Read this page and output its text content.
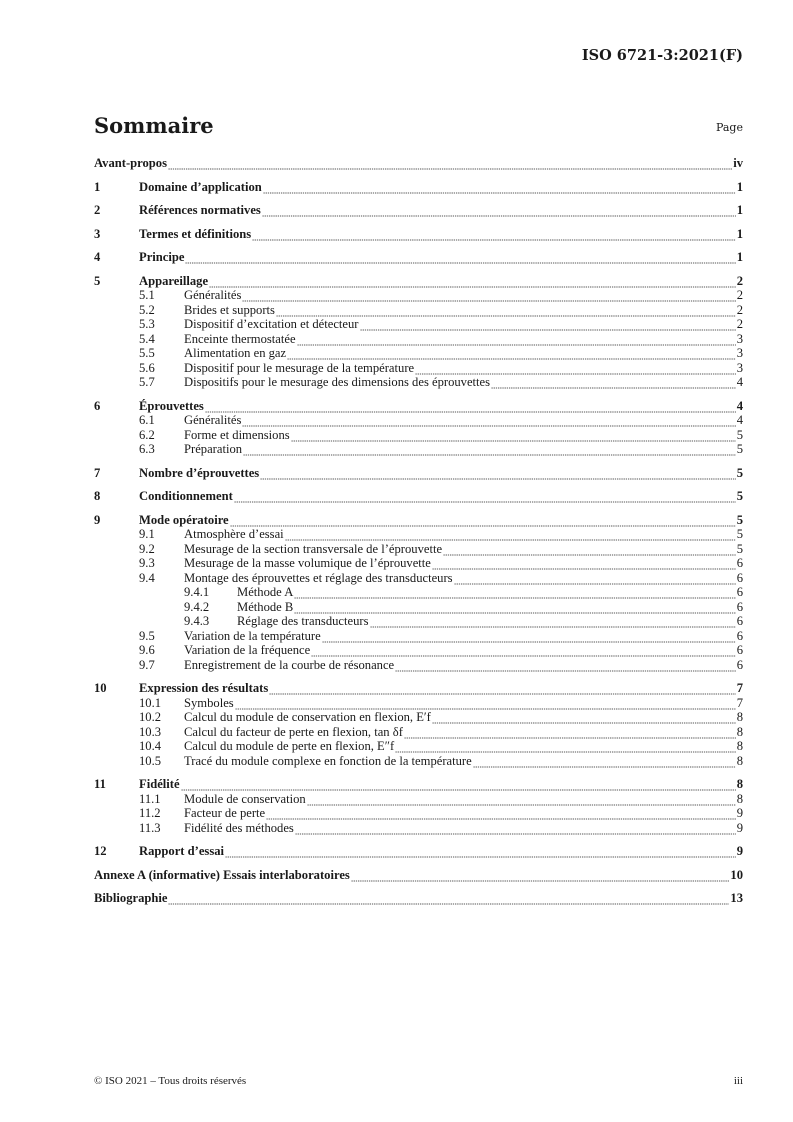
ISO 6721-3:2021(F)
Sommaire	Page
Avant-propos	iv
1	Domaine d’application	1
2	Références normatives	1
3	Termes et définitions	1
4	Principe	1
5	Appareillage	2
5.1	Généralités	2
5.2	Brides et supports	2
5.3	Dispositif d’excitation et détecteur	2
5.4	Enceinte thermostatée	3
5.5	Alimentation en gaz	3
5.6	Dispositif pour le mesurage de la température	3
5.7	Dispositifs pour le mesurage des dimensions des éprouvettes	4
6	Éprouvettes	4
6.1	Généralités	4
6.2	Forme et dimensions	5
6.3	Préparation	5
7	Nombre d’éprouvettes	5
8	Conditionnement	5
9	Mode opératoire	5
9.1	Atmosphère d’essai	5
9.2	Mesurage de la section transversale de l’éprouvette	5
9.3	Mesurage de la masse volumique de l’éprouvette	6
9.4	Montage des éprouvettes et réglage des transducteurs	6
9.4.1	Méthode A	6
9.4.2	Méthode B	6
9.4.3	Réglage des transducteurs	6
9.5	Variation de la température	6
9.6	Variation de la fréquence	6
9.7	Enregistrement de la courbe de résonance	6
10	Expression des résultats	7
10.1	Symboles	7
10.2	Calcul du module de conservation en flexion, E′f	8
10.3	Calcul du facteur de perte en flexion, tan δf	8
10.4	Calcul du module de perte en flexion, E″f	8
10.5	Tracé du module complexe en fonction de la température	8
11	Fidélité	8
11.1	Module de conservation	8
11.2	Facteur de perte	9
11.3	Fidélité des méthodes	9
12	Rapport d’essai	9
Annexe A (informative) Essais interlaboratoires	10
Bibliographie	13
© ISO 2021 – Tous droits réservés	iii
